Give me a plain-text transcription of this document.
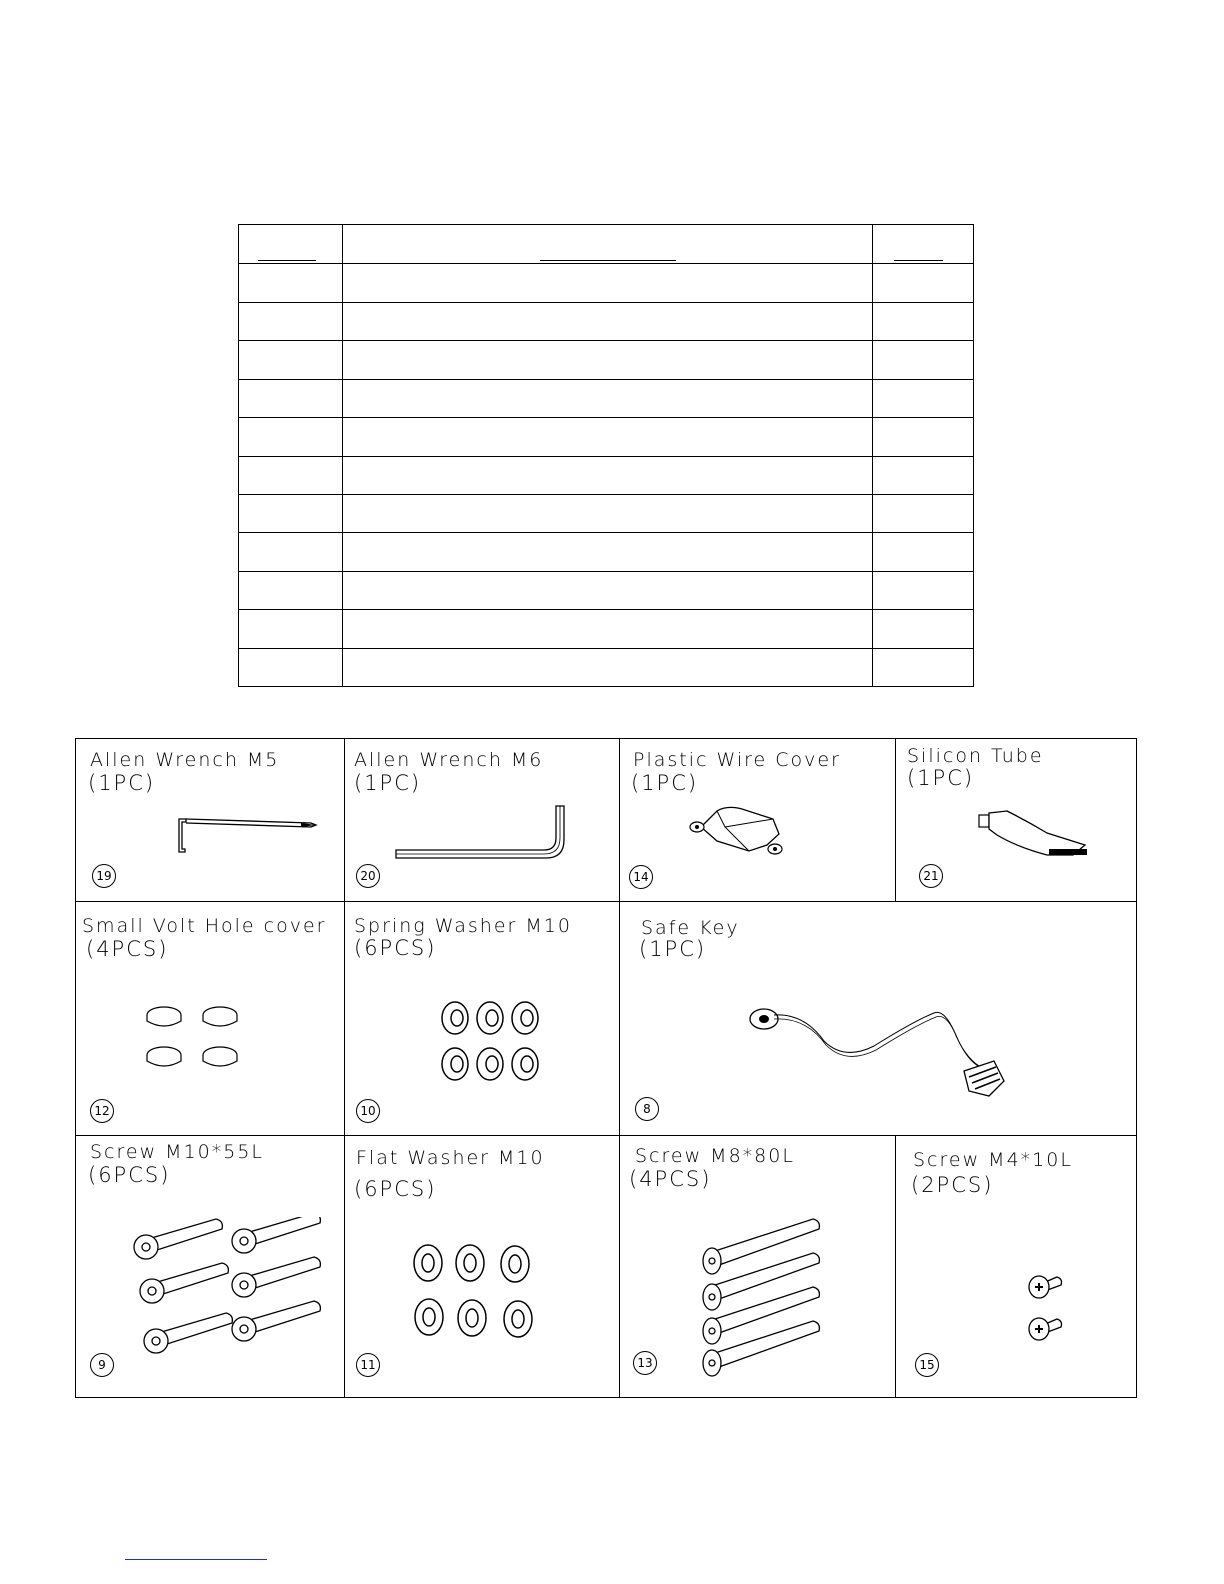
Allen Wrench M5
(1PC)
19
Allen Wrench M6
(1PC)
20
Plastic Wire Cover
(1PC)
14
Silicon Tube
(1PC)
21
Small Volt Hole cover
(4PCS)
12
Spring Washer M10
(6PCS)
10
Safe Key
(1PC)
8
Screw M10*55L
(6PCS)
9
Flat Washer M10
(6PCS)
11
Screw M8*80L
(4PCS)
13
Screw M4*10L
(2PCS)
15
